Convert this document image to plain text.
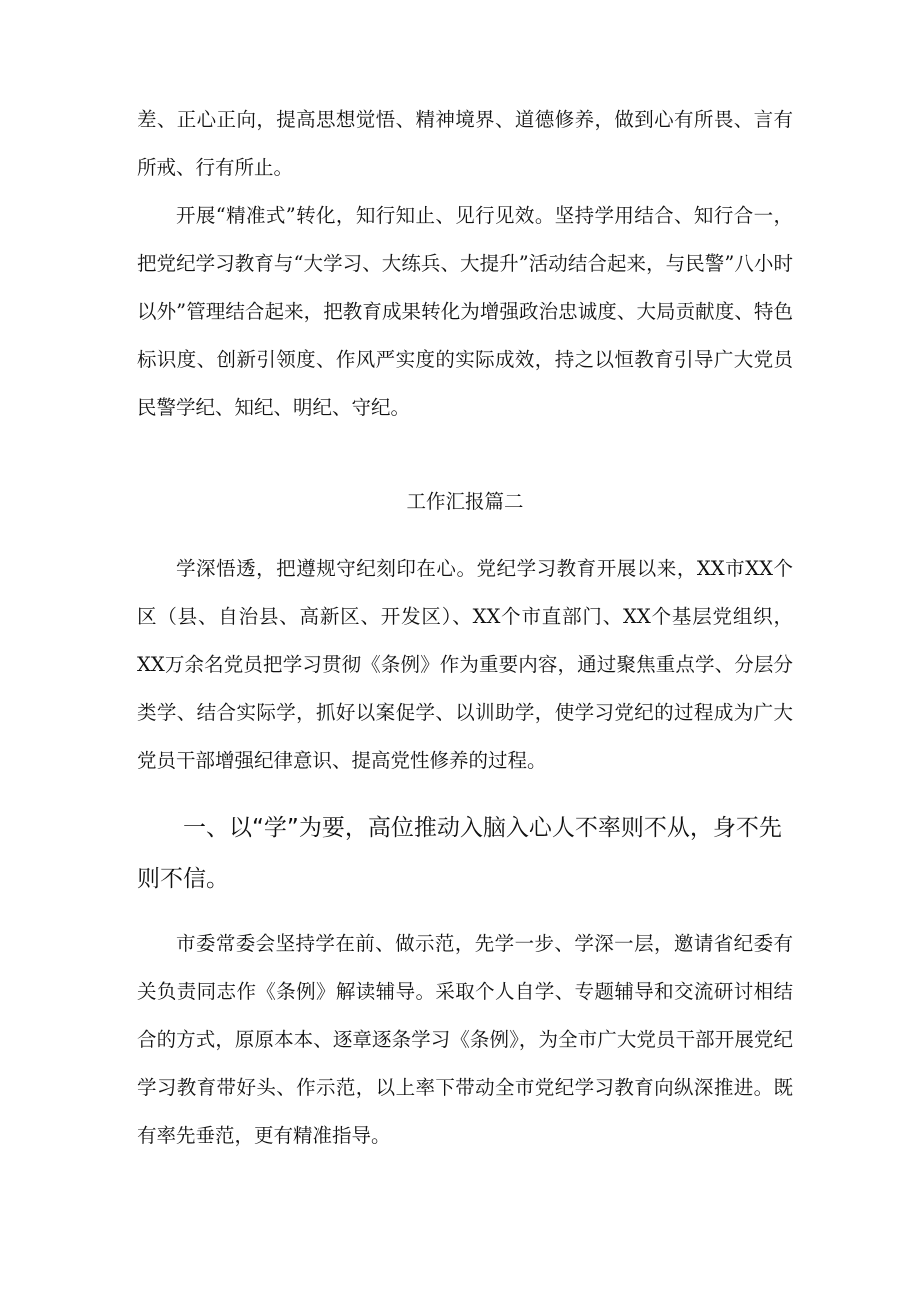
差、正心正向，提高思想觉悟、精神境界、道德修养，做到心有所畏、言有所戒、行有所止。

开展“精准式”转化，知行知止、见行见效。坚持学用结合、知行合一，把党纪学习教育与“大学习、大练兵、大提升”活动结合起来，与民警”八小时以外”管理结合起来，把教育成果转化为增强政治忠诚度、大局贡献度、特色标识度、创新引领度、作风严实度的实际成效，持之以恒教育引导广大党员民警学纪、知纪、明纪、守纪。

工作汇报篇二

学深悟透，把遵规守纪刻印在心。党纪学习教育开展以来，XX市XX个区（县、自治县、高新区、开发区）、XX个市直部门、XX个基层党组织，XX万余名党员把学习贯彻《条例》作为重要内容，通过聚焦重点学、分层分类学、结合实际学，抓好以案促学、以训助学，使学习党纪的过程成为广大党员干部增强纪律意识、提高党性修养的过程。

一、以“学”为要，高位推动入脑入心人不率则不从，身不先则不信。

市委常委会坚持学在前、做示范，先学一步、学深一层，邀请省纪委有关负责同志作《条例》解读辅导。采取个人自学、专题辅导和交流研讨相结合的方式，原原本本、逐章逐条学习《条例》，为全市广大党员干部开展党纪学习教育带好头、作示范，以上率下带动全市党纪学习教育向纵深推进。既有率先垂范，更有精准指导。
